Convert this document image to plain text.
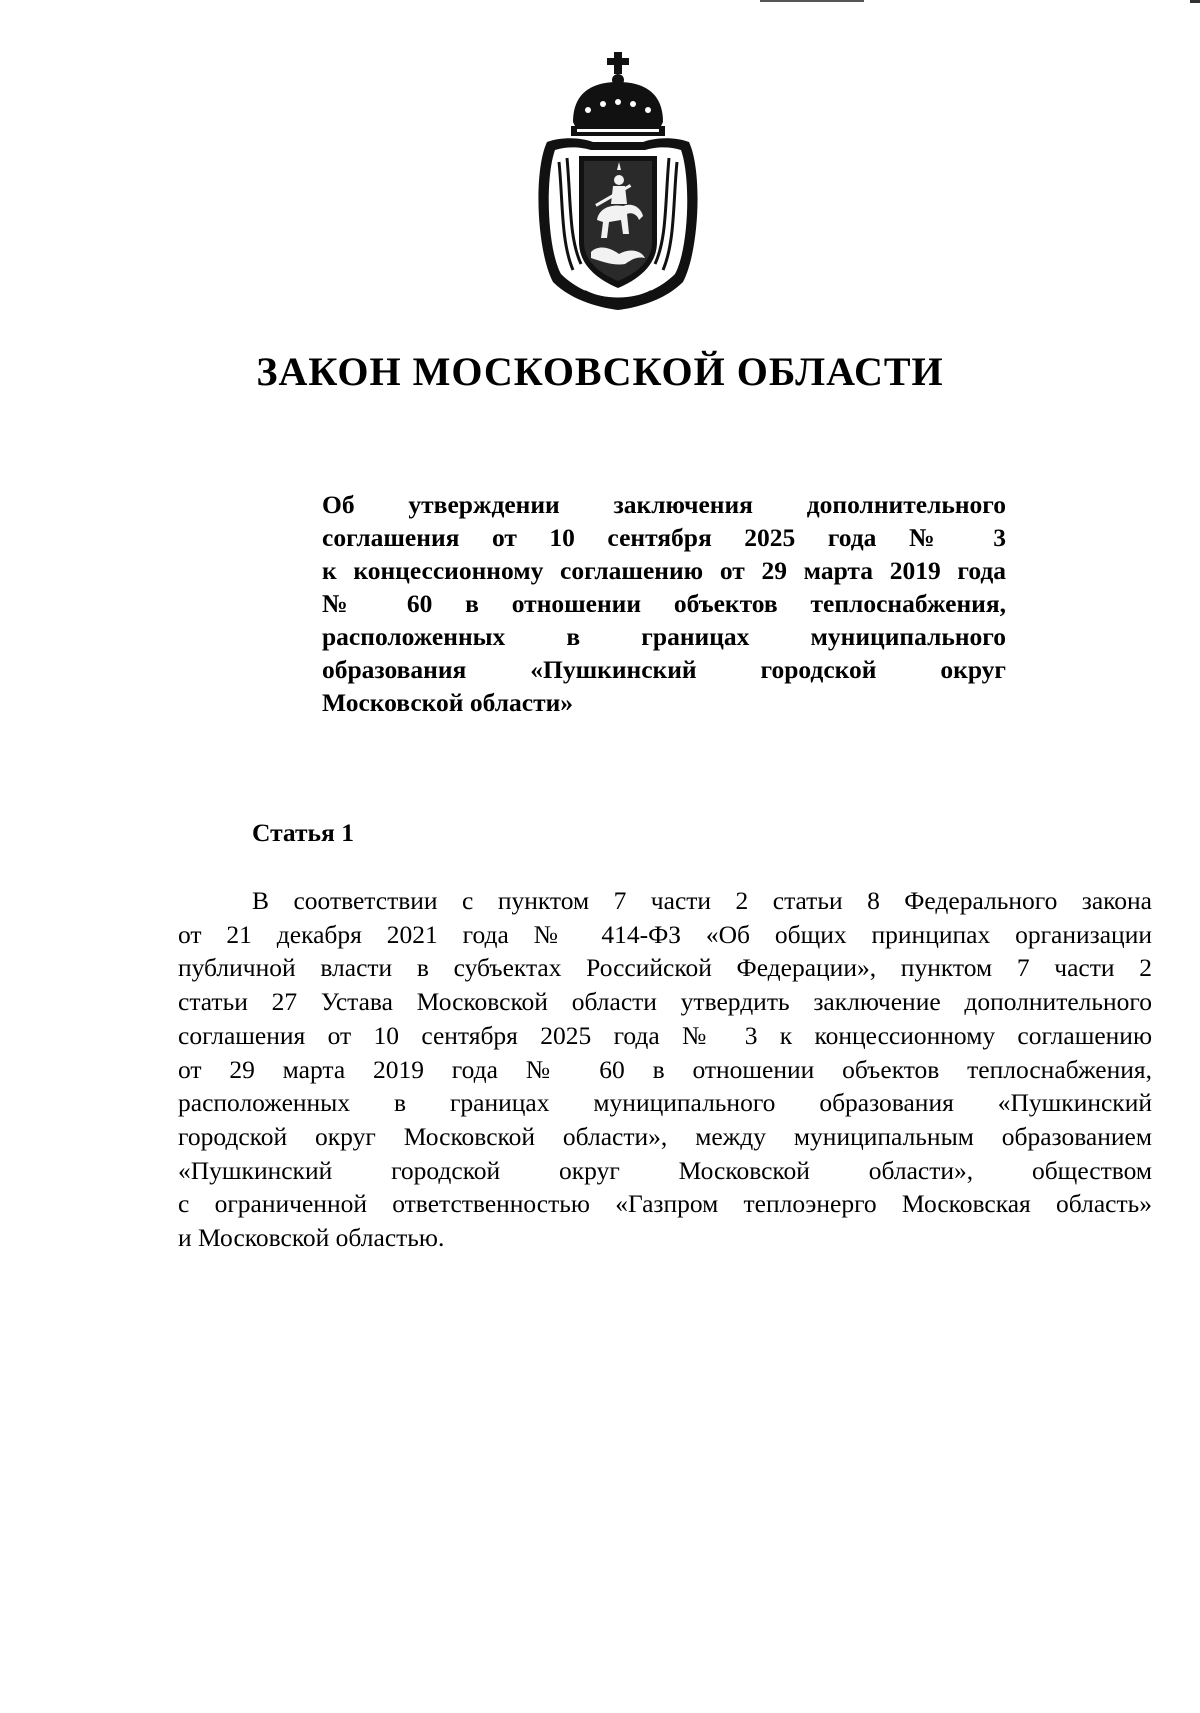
ЗАКОН МОСКОВСКОЙ ОБЛАСТИ
Об утверждении заключения дополнительного
соглашения от 10 сентября 2025 года № 3
к концессионному соглашению от 29 марта 2019 года
№ 60 в отношении объектов теплоснабжения,
расположенных в границах муниципального
образования «Пушкинский городской округ
Московской области»
Статья 1
В соответствии с пунктом 7 части 2 статьи 8 Федерального закона
от 21 декабря 2021 года № 414-ФЗ «Об общих принципах организации
публичной власти в субъектах Российской Федерации», пунктом 7 части 2
статьи 27 Устава Московской области утвердить заключение дополнительного
соглашения от 10 сентября 2025 года № 3 к концессионному соглашению
от 29 марта 2019 года № 60 в отношении объектов теплоснабжения,
расположенных в границах муниципального образования «Пушкинский
городской округ Московской области», между муниципальным образованием
«Пушкинский городской округ Московской области», обществом
с ограниченной ответственностью «Газпром теплоэнерго Московская область»
и Московской областью.
